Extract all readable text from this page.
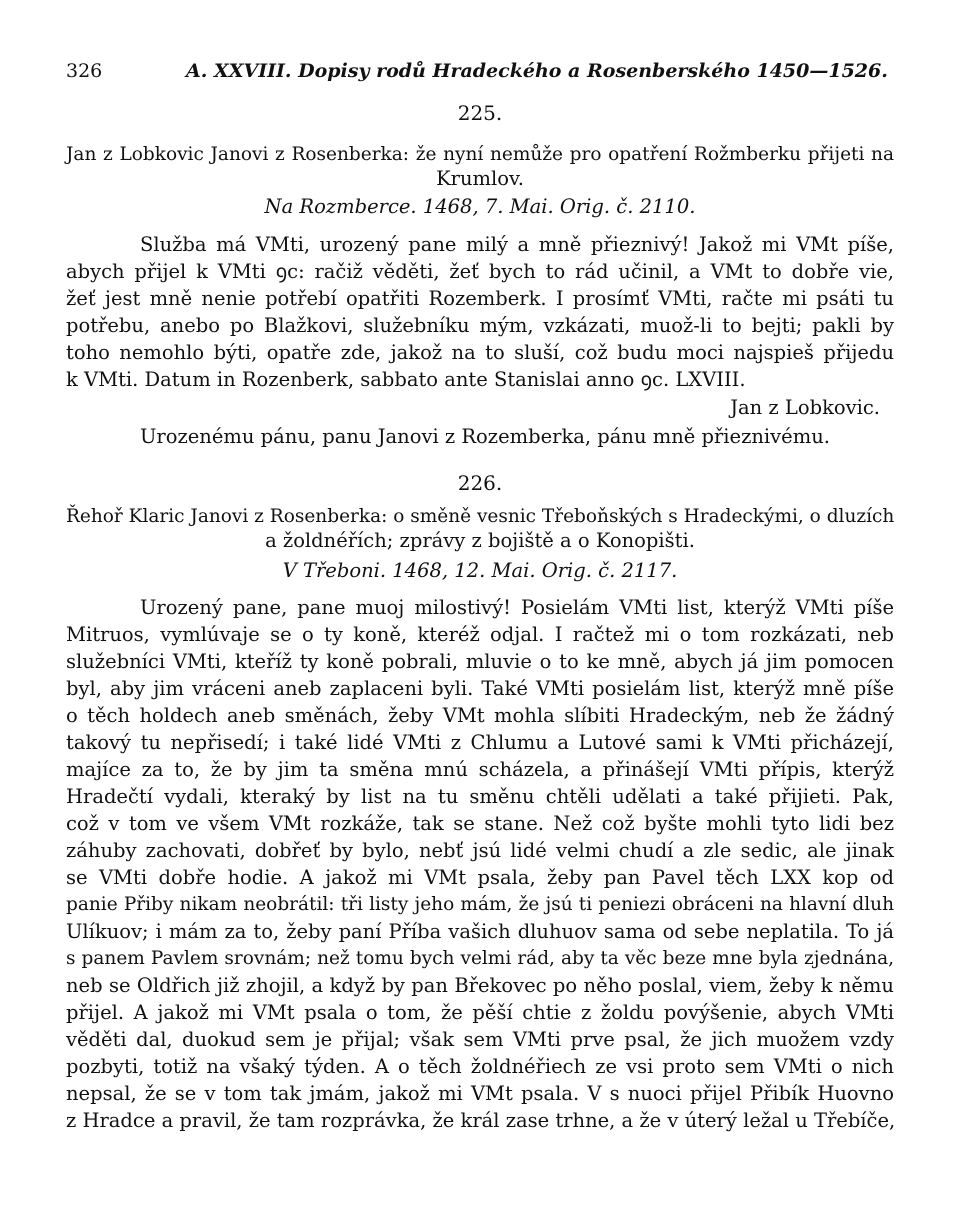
326	A. XXVIII. Dopisy rodů Hradeckého a Rosenberského 1450—1526.
225.
Jan z Lobkovic Janovi z Rosenberka: že nyní nemůže pro opatření Rožmberku přijeti na
Krumlov.
Na Rozmberce. 1468, 7. Mai. Orig. č. 2110.
Služba má VMti, urozený pane milý a mně přieznivý! Jakož mi VMt píše,
abych přijel k VMti ꝯc: račiž věděti, žeť bych to rád učinil, a VMt to dobře vie,
žeť jest mně nenie potřebí opatřiti Rozemberk. I prosímť VMti, račte mi psáti tu
potřebu, anebo po Blažkovi, služebníku mým, vzkázati, muož-li to bejti; pakli by
toho nemohlo býti, opatře zde, jakož na to sluší, což budu moci najspieš přijedu
k VMti. Datum in Rozenberk, sabbato ante Stanislai anno ꝯc. LXVIII.
Jan z Lobkovic.
Urozenému pánu, panu Janovi z Rozemberka, pánu mně přieznivému.
226.
Řehoř Klaric Janovi z Rosenberka: o směně vesnic Třeboňských s Hradeckými, o dluzích
a žoldnéřích; zprávy z bojiště a o Konopišti.
V Třeboni. 1468, 12. Mai. Orig. č. 2117.
Urozený pane, pane muoj milostivý! Posielám VMti list, kterýž VMti píše
Mitruos, vymlúvaje se o ty koně, kteréž odjal. I račtež mi o tom rozkázati, neb
služebníci VMti, kteříž ty koně pobrali, mluvie o to ke mně, abych já jim pomocen
byl, aby jim vráceni aneb zaplaceni byli. Také VMti posielám list, kterýž mně píše
o těch holdech aneb směnách, žeby VMt mohla slíbiti Hradeckým, neb že žádný
takový tu nepřisedí; i také lidé VMti z Chlumu a Lutové sami k VMti přicházejí,
majíce za to, že by jim ta směna mnú scházela, a přinášejí VMti přípis, kterýž
Hradečtí vydali, kteraký by list na tu směnu chtěli udělati a také přijieti. Pak,
což v tom ve všem VMt rozkáže, tak se stane. Než což byšte mohli tyto lidi bez
záhuby zachovati, dobřeť by bylo, nebť jsú lidé velmi chudí a zle sedic, ale jinak
se VMti dobře hodie. A jakož mi VMt psala, žeby pan Pavel těch LXX kop od
panie Přiby nikam neobrátil: tři listy jeho mám, že jsú ti peniezi obráceni na hlavní dluh
Ulíkuov; i mám za to, žeby paní Příba vašich dluhuov sama od sebe neplatila. To já
s panem Pavlem srovnám; než tomu bych velmi rád, aby ta věc beze mne byla zjednána,
neb se Oldřich již zhojil, a když by pan Břekovec po něho poslal, viem, žeby k němu
přijel. A jakož mi VMt psala o tom, že pěší chtie z žoldu povýšenie, abych VMti
věděti dal, duokud sem je přijal; však sem VMti prve psal, že jich muožem vzdy
pozbyti, totiž na všaký týden. A o těch žoldnéřiech ze vsi proto sem VMti o nich
nepsal, že se v tom tak jmám, jakož mi VMt psala. V s nuoci přijel Přibík Huovno
z Hradce a pravil, že tam rozprávka, že král zase trhne, a že v úterý ležal u Třebíče,
